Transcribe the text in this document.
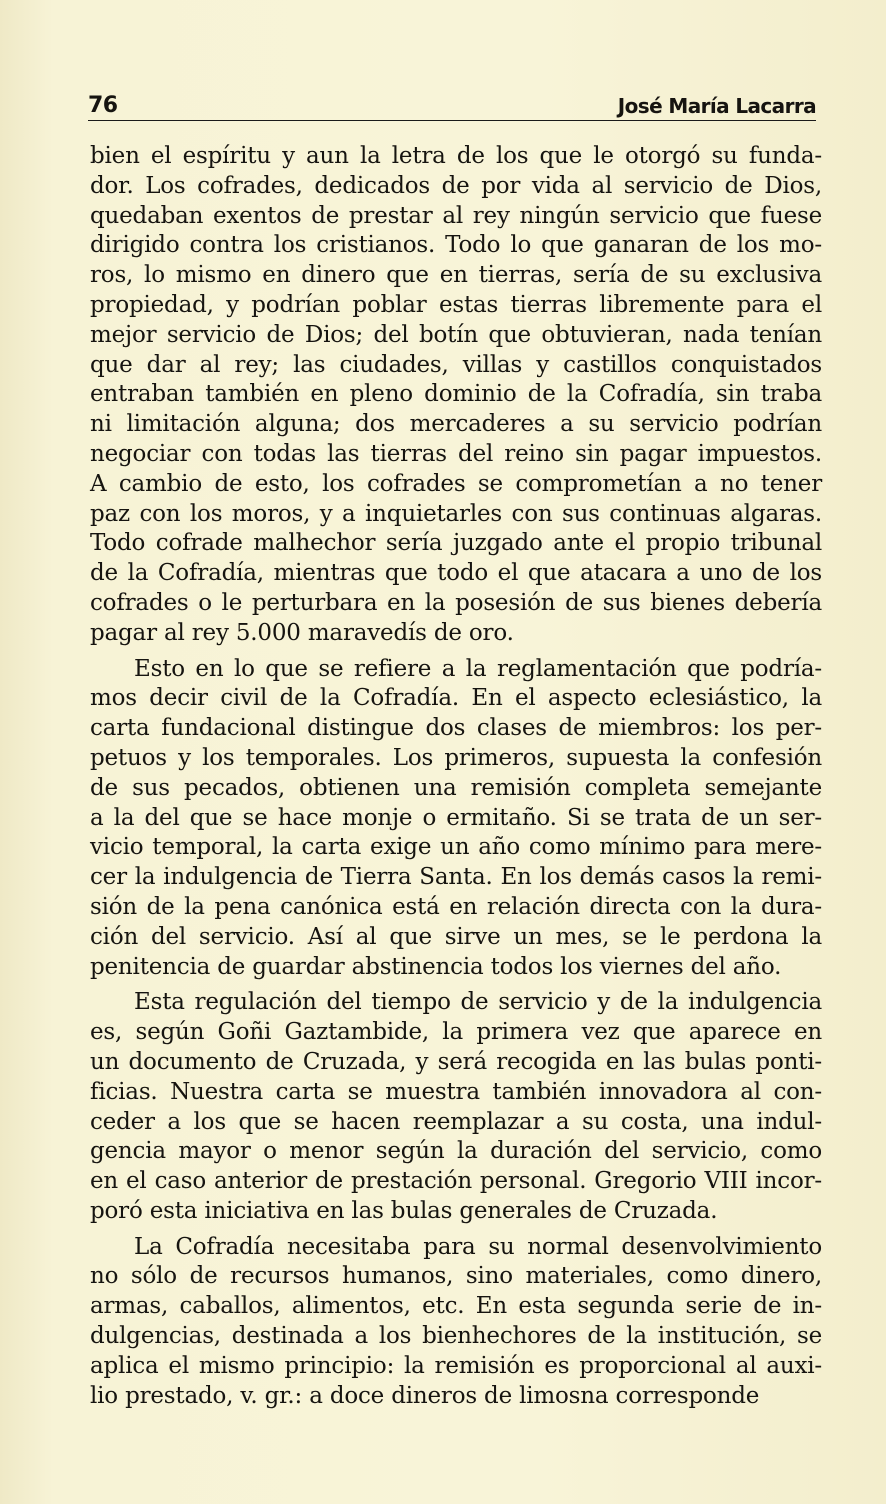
76	José María Lacarra
bien el espíritu y aun la letra de los que le otorgó su funda-
dor. Los cofrades, dedicados de por vida al servicio de Dios,
quedaban exentos de prestar al rey ningún servicio que fuese
dirigido contra los cristianos. Todo lo que ganaran de los mo-
ros, lo mismo en dinero que en tierras, sería de su exclusiva
propiedad, y podrían poblar estas tierras libremente para el
mejor servicio de Dios; del botín que obtuvieran, nada tenían
que dar al rey; las ciudades, villas y castillos conquistados
entraban también en pleno dominio de la Cofradía, sin traba
ni limitación alguna; dos mercaderes a su servicio podrían
negociar con todas las tierras del reino sin pagar impuestos.
A cambio de esto, los cofrades se comprometían a no tener
paz con los moros, y a inquietarles con sus continuas algaras.
Todo cofrade malhechor sería juzgado ante el propio tribunal
de la Cofradía, mientras que todo el que atacara a uno de los
cofrades o le perturbara en la posesión de sus bienes debería
pagar al rey 5.000 maravedís de oro.
Esto en lo que se refiere a la reglamentación que podría-
mos decir civil de la Cofradía. En el aspecto eclesiástico, la
carta fundacional distingue dos clases de miembros: los per-
petuos y los temporales. Los primeros, supuesta la confesión
de sus pecados, obtienen una remisión completa semejante
a la del que se hace monje o ermitaño. Si se trata de un ser-
vicio temporal, la carta exige un año como mínimo para mere-
cer la indulgencia de Tierra Santa. En los demás casos la remi-
sión de la pena canónica está en relación directa con la dura-
ción del servicio. Así al que sirve un mes, se le perdona la
penitencia de guardar abstinencia todos los viernes del año.
Esta regulación del tiempo de servicio y de la indulgencia
es, según Goñi Gaztambide, la primera vez que aparece en
un documento de Cruzada, y será recogida en las bulas ponti-
ficias. Nuestra carta se muestra también innovadora al con-
ceder a los que se hacen reemplazar a su costa, una indul-
gencia mayor o menor según la duración del servicio, como
en el caso anterior de prestación personal. Gregorio VIII incor-
poró esta iniciativa en las bulas generales de Cruzada.
La Cofradía necesitaba para su normal desenvolvimiento
no sólo de recursos humanos, sino materiales, como dinero,
armas, caballos, alimentos, etc. En esta segunda serie de in-
dulgencias, destinada a los bienhechores de la institución, se
aplica el mismo principio: la remisión es proporcional al auxi-
lio prestado, v. gr.: a doce dineros de limosna corresponde
